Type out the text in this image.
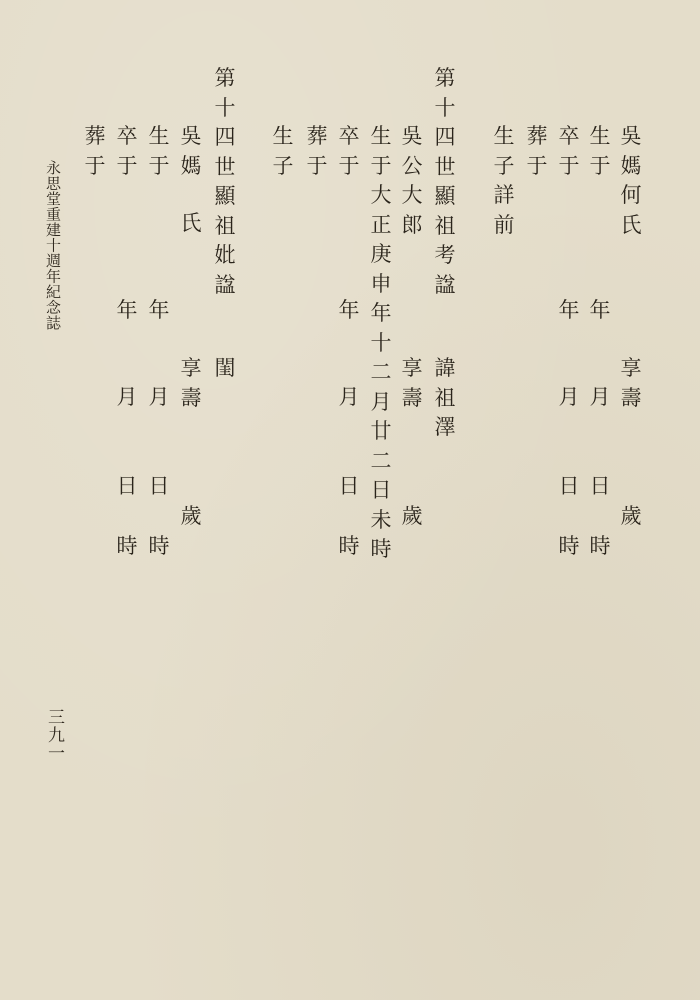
永思堂重建十週年紀念誌
三九一
吳
媽
何
氏
享
壽
歲
生
于
年
月
日
時
卒
于
年
月
日
時
葬
于
生
子
詳
前
第
十
四
世
顯
祖
考
諡
諱
祖
澤
吳
公
大
郎
享
壽
歲
生
于
大
正
庚
申
年
十
二
月
廿
二
日
未
時
卒
于
年
月
日
時
葬
于
生
子
第
十
四
世
顯
祖
妣
諡
閨
吳
媽
氏
享
壽
歲
生
于
年
月
日
時
卒
于
年
月
日
時
葬
于
